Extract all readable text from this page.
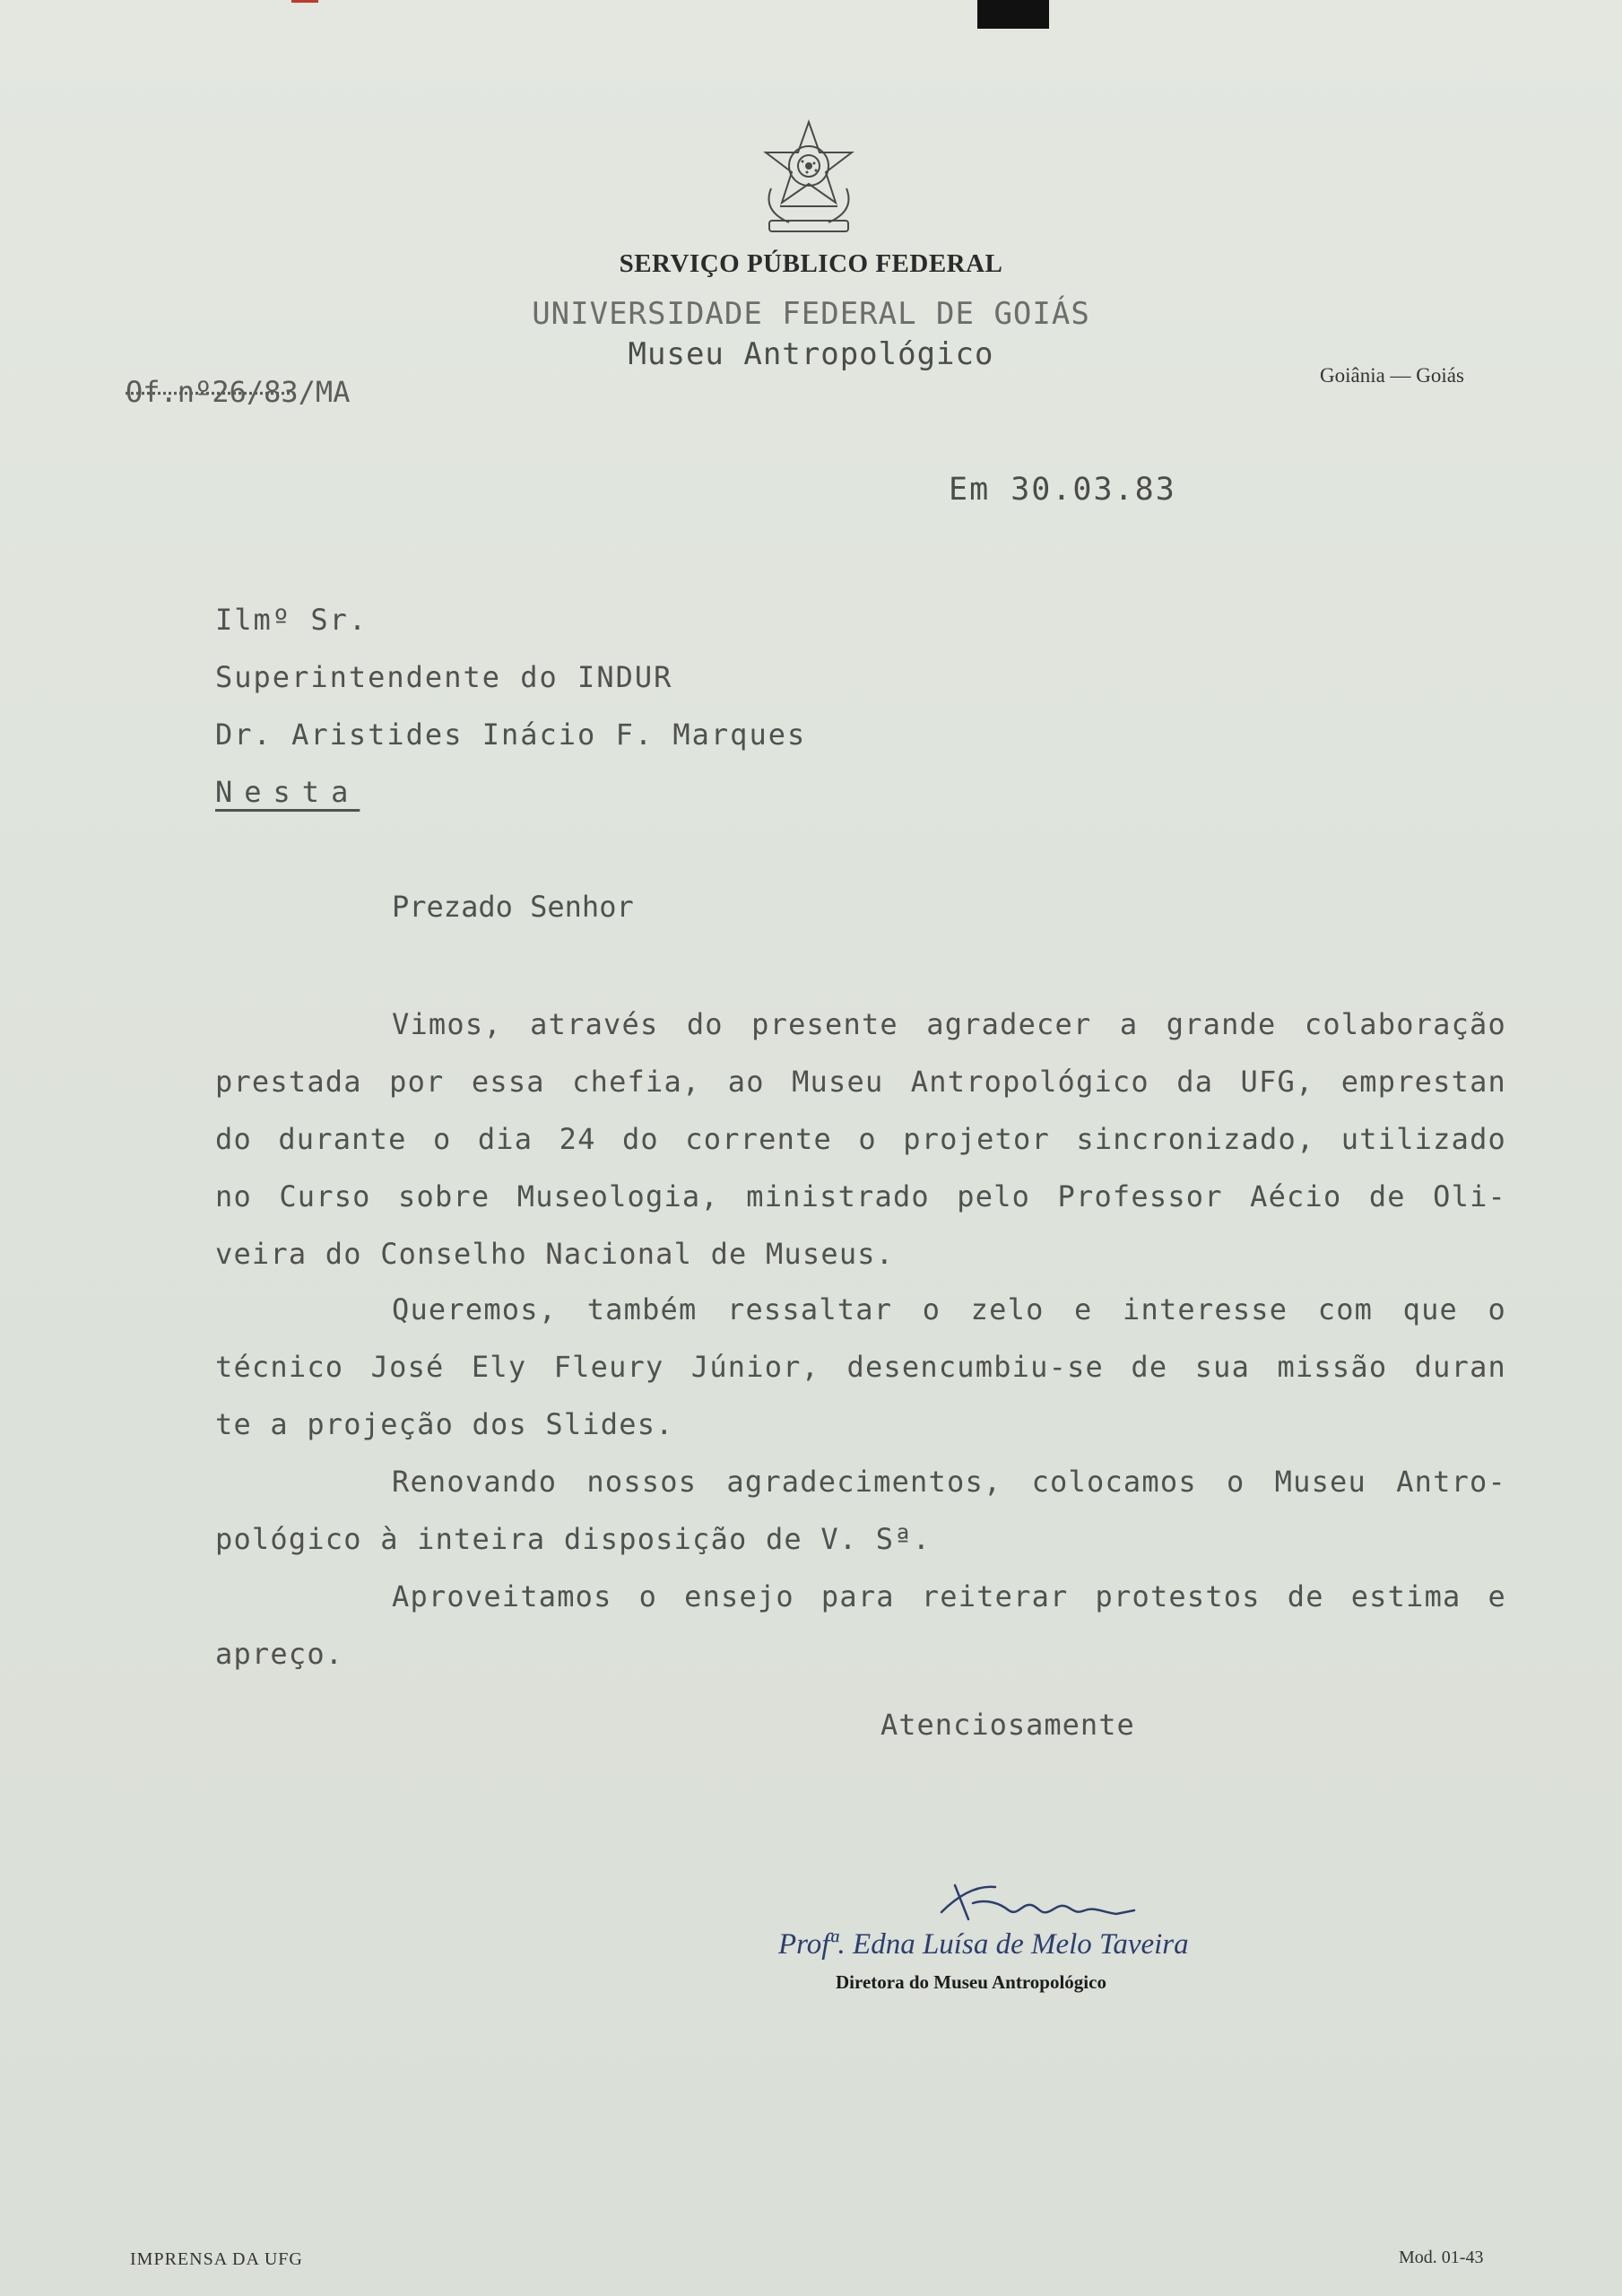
SERVIÇO PÚBLICO FEDERAL
UNIVERSIDADE FEDERAL DE GOIÁS
Museu Antropológico
Of.nº26/83/MA	Goiânia — Goiás
Em 30.03.83
Ilmº Sr.
Superintendente do INDUR
Dr. Aristides Inácio F. Marques
Nesta
Prezado Senhor
Vimos, através do presente agradecer a grande colaboração
prestada por essa chefia, ao Museu Antropológico da UFG, emprestan
do durante o dia 24 do corrente o projetor sincronizado, utilizado
no Curso sobre Museologia, ministrado pelo Professor Aécio de Oli-
veira do Conselho Nacional de Museus.
Queremos, também ressaltar o zelo e interesse com que o
técnico José Ely Fleury Júnior, desencumbiu-se de sua missão duran
te a projeção dos Slides.
Renovando nossos agradecimentos, colocamos o Museu Antro-
pológico à inteira disposição de V. Sª.
Aproveitamos o ensejo para reiterar protestos de estima e
apreço.
Atenciosamente
Profª. Edna Luísa de Melo Taveira
Diretora do Museu Antropológico
IMPRENSA DA UFG	Mod. 01-43
